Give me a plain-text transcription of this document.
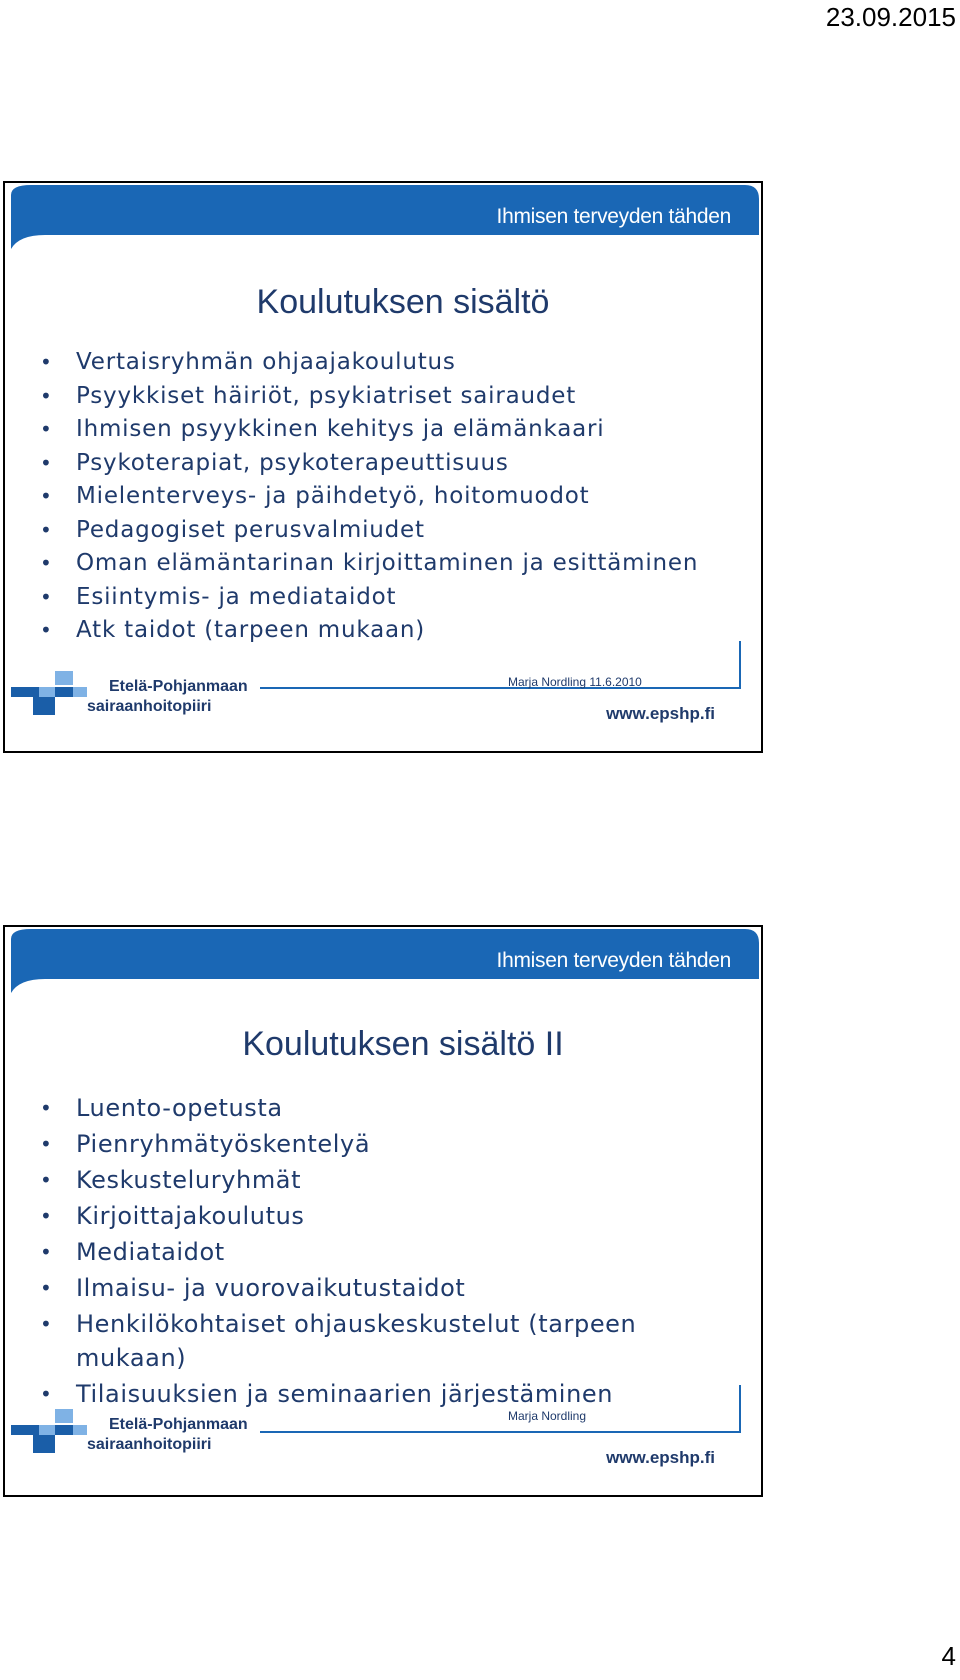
23.09.2015
Ihmisen terveyden tähden
Koulutuksen sisältö
• Vertaisryhmän ohjaajakoulutus
• Psyykkiset häiriöt, psykiatriset sairaudet
• Ihmisen psyykkinen kehitys ja elämänkaari
• Psykoterapiat, psykoterapeuttisuus
• Mielenterveys- ja päihdetyö, hoitomuodot
• Pedagogiset perusvalmiudet
• Oman elämäntarinan kirjoittaminen ja esittäminen
• Esiintymis- ja mediataidot
• Atk taidot (tarpeen mukaan)
Etelä-Pohjanmaan
sairaanhoitopiiri
Marja Nordling 11.6.2010
www.epshp.fi
Ihmisen terveyden tähden
Koulutuksen sisältö II
• Luento-opetusta
• Pienryhmätyöskentelyä
• Keskusteluryhmät
• Kirjoittajakoulutus
• Mediataidot
• Ilmaisu- ja vuorovaikutustaidot
• Henkilökohtaiset ohjauskeskustelut (tarpeen mukaan)
• Tilaisuuksien ja seminaarien järjestäminen
Etelä-Pohjanmaan
sairaanhoitopiiri
Marja Nordling
www.epshp.fi
4
